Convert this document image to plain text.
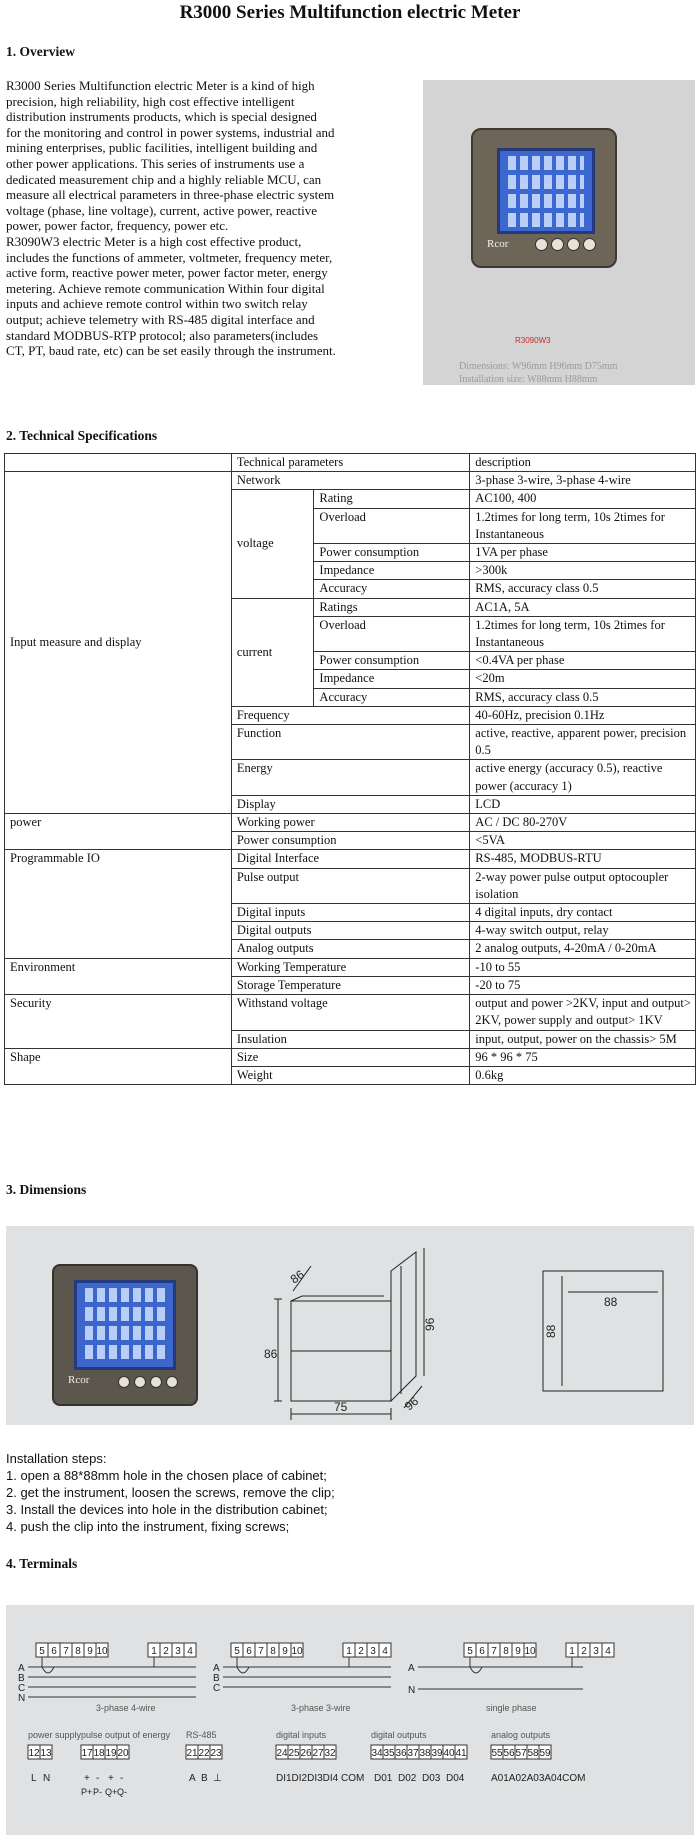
R3000 Series Multifunction electric Meter
1. Overview
R3000 Series Multifunction electric Meter is a kind of high
precision, high reliability, high cost effective intelligent
distribution instruments products, which is special designed
for the monitoring and control in power systems, industrial and
mining enterprises, public facilities, intelligent building and
other power applications. This series of instruments use a
dedicated measurement chip and a highly reliable MCU, can
measure all electrical parameters in three-phase electric system
voltage (phase, line voltage), current, active power, reactive
power, power factor, frequency, power etc.
R3090W3 electric Meter is a high cost effective product,
includes the functions of ammeter, voltmeter, frequency meter,
active form, reactive power meter, power factor meter, energy
metering. Achieve remote communication Within four digital
inputs and achieve remote control within two switch relay
output; achieve telemetry with RS-485 digital interface and
standard MODBUS-RTP protocol; also parameters(includes
CT, PT, baud rate, etc) can be set easily through the instrument.
Rcor
R3090W3
Dimensions: W96mm H96mm D75mm
Installation size: W88mm H88mm
2. Technical Specifications
	Technical parameters		description
Input measure and display	Network		3-phase 3-wire, 3-phase 4-wire
	voltage	Rating	AC100, 400
		Overload	1.2times for long term, 10s 2times for Instantaneous
		Power consumption	1VA per phase
		Impedance	>300k
		Accuracy	RMS, accuracy class 0.5
	current	Ratings	AC1A, 5A
		Overload	1.2times for long term, 10s 2times for Instantaneous
		Power consumption	<0.4VA per phase
		Impedance	<20m
		Accuracy	RMS, accuracy class 0.5
	Frequency		40-60Hz, precision 0.1Hz
	Function		active, reactive, apparent power, precision 0.5
	Energy		active energy (accuracy 0.5), reactive power (accuracy 1)
	Display		LCD
power	Working power		AC / DC 80-270V
	Power consumption		<5VA
Programmable IO	Digital Interface		RS-485, MODBUS-RTU
	Pulse output		2-way power pulse output optocoupler isolation
	Digital inputs		4 digital inputs, dry contact
	Digital outputs		4-way switch output, relay
	Analog outputs		2 analog outputs, 4-20mA / 0-20mA
Environment	Working Temperature		-10 to 55
	Storage Temperature		-20 to 75
Security	Withstand voltage		output and power >2KV, input and output> 2KV, power supply and output> 1KV
	Insulation		input, output, power on the chassis> 5M
Shape	Size		96 * 96 * 75
	Weight		0.6kg
3. Dimensions
Rcor
86
86
96
96
75
88
88
Installation steps:
1. open a 88*88mm hole in the chosen place of cabinet;
2. get the instrument, loosen the screws, remove the clip;
3. Install the devices into hole in the distribution cabinet;
4. push the clip into the instrument, fixing screws;
4. Terminals
5 6 7 8 9 10	1 2 3 4
A
B
C
N
3-phase 4-wire
5 6 7 8 9 10	1 2 3 4
A
B
C
3-phase 3-wire
5 6 7 8 9 10	1 2 3 4
A
N
single phase
power supply
12 13
L N
pulse output of energy
17 18 19 20
+ - + -
P+ P- Q+ Q-
RS-485
21 22 23
A B ⊥
digital inputs
24 25 26 27 32
DI1DI2DI3DI4 COM
digital outputs
34 35 36 37 38 39 40 41
D01 D02 D03 D04
analog outputs
55 56 57 58 59
A01A02A03A04COM
